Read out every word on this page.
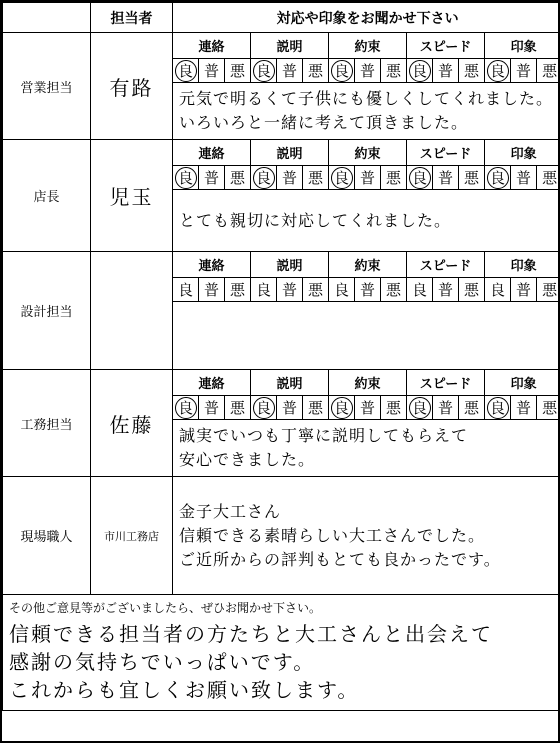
	担当者	対応や印象をお聞かせ下さい														
営業担当	有路	連絡			説明			約束			スピード			印象		
		良	普	悪	良	普	悪	良	普	悪	良	普	悪	良	普	悪

		元気で明るくて子供にも優しくしてくれました。
いろいろと一緒に考えて頂きました。														

店長	児玉	連絡			説明			約束			スピード			印象		
		良	普	悪	良	普	悪	良	普	悪	良	普	悪	良	普	悪

		とても親切に対応してくれました。														

設計担当		連絡			説明			約束			スピード			印象		
		良	普	悪	良	普	悪	良	普	悪	良	普	悪	良	普	悪

工務担当	佐藤	連絡			説明			約束			スピード			印象		
		良	普	悪	良	普	悪	良	普	悪	良	普	悪	良	普	悪

		誠実でいつも丁寧に説明してもらえて
安心できました。														

現場職人	市川工務店	金子大工さん
信頼できる素晴らしい大工さんでした。
ご近所からの評判もとても良かったです。														

その他ご意見等がございましたら、ぜひお聞かせ下さい。
信頼できる担当者の方たちと大工さんと出会えて
感謝の気持ちでいっぱいです。
これからも宜しくお願い致します。																
